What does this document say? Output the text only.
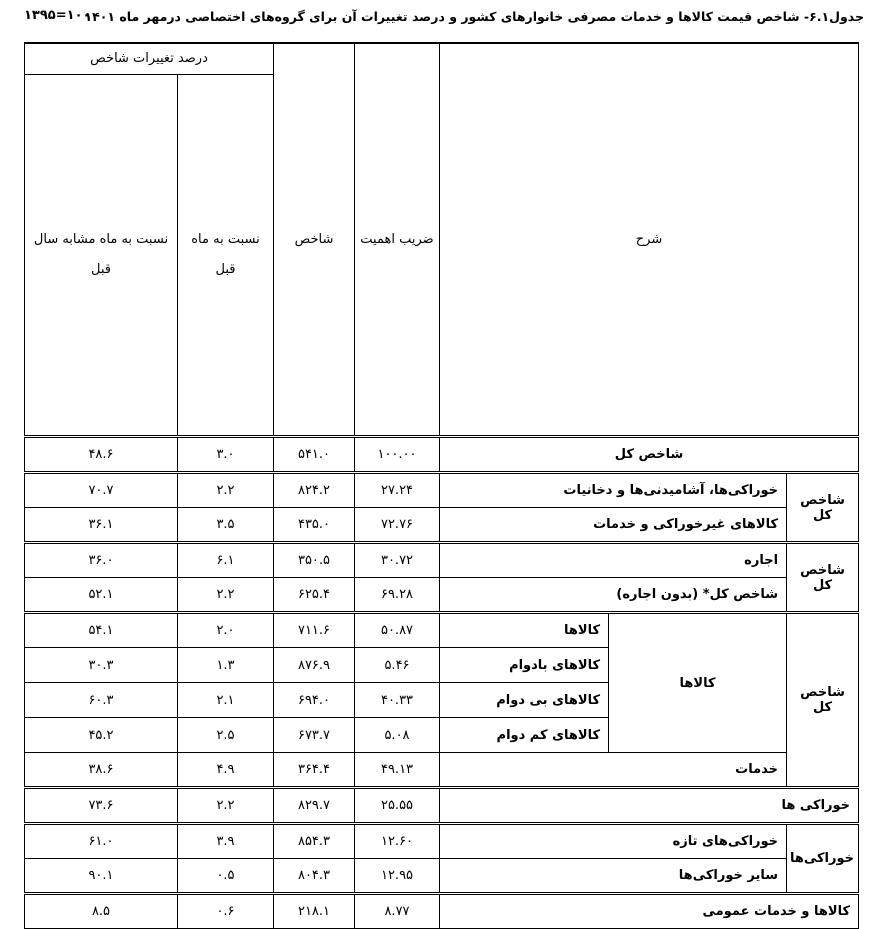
جدول۶.۱- شاخص قیمت کالاها و خدمات مصرفی خانوارهای کشور و درصد تغییرات آن برای گروه‌های اختصاصی درمهر ماه ۱۴۰۱
۱۳۹۵=۱۰۰
شرح			ضریب اهمیت	شاخص	درصد تغییرات شاخص		
					نسبت به ماه قبل	نسبت به ماه مشابه سال قبل	
شاخص کل			۱۰۰.۰۰	۵۴۱.۰	۳.۰	۴۸.۶	
شاخص کل	خوراکی‌ها، آشامیدنی‌ها و دخانیات		۲۷.۲۴	۸۲۴.۲	۲.۲	۷۰.۷	
	کالاهای غیرخوراکی و خدمات		۷۲.۷۶	۴۳۵.۰	۳.۵	۳۶.۱	
شاخص کل	اجاره		۳۰.۷۲	۳۵۰.۵	۶.۱	۳۶.۰	
	شاخص کل* (بدون اجاره)		۶۹.۲۸	۶۲۵.۴	۲.۲	۵۲.۱	
شاخص کل	کالاها	کالاها	۵۰.۸۷	۷۱۱.۶	۲.۰	۵۴.۱	
		کالاهای بادوام	۵.۴۶	۸۷۶.۹	۱.۳	۳۰.۳	
		کالاهای بی دوام	۴۰.۳۳	۶۹۴.۰	۲.۱	۶۰.۳	
		کالاهای کم دوام	۵.۰۸	۶۷۳.۷	۲.۵	۴۵.۲	
	خدمات		۴۹.۱۳	۳۶۴.۴	۴.۹	۳۸.۶	
خوراکی ها			۲۵.۵۵	۸۲۹.۷	۲.۲	۷۳.۶	
خوراکی‌ها	خوراکی‌های تازه		۱۲.۶۰	۸۵۴.۳	۳.۹	۶۱.۰	
	سایر خوراکی‌ها		۱۲.۹۵	۸۰۴.۳	۰.۵	۹۰.۱	
کالاها و خدمات عمومی			۸.۷۷	۲۱۸.۱	۰.۶	۸.۵	
